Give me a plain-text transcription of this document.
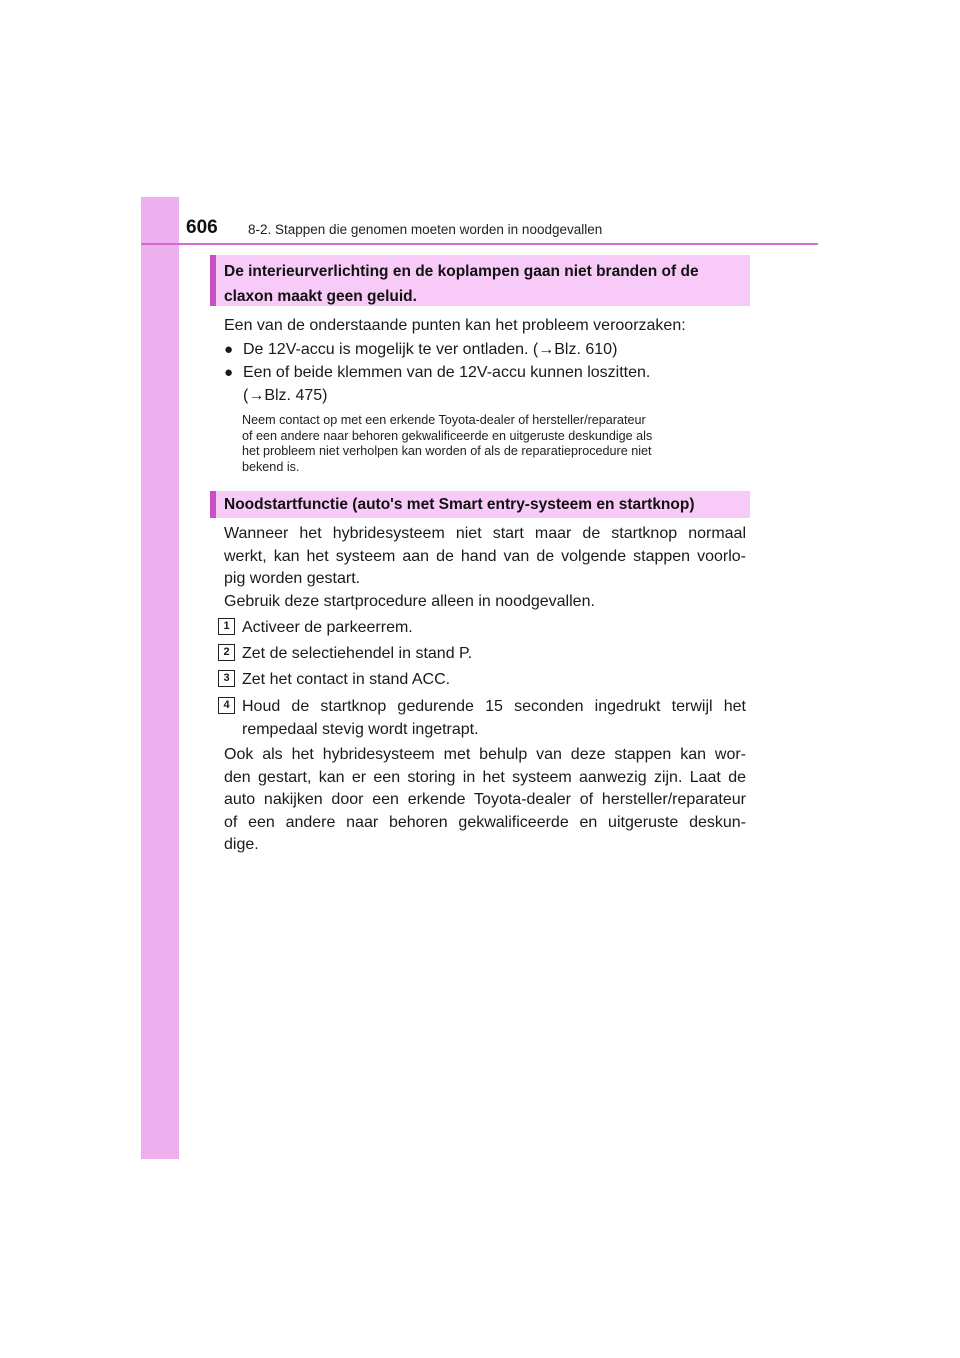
606 8-2. Stappen die genomen moeten worden in noodgevallen
De interieurverlichting en de koplampen gaan niet branden of de
claxon maakt geen geluid.
Een van de onderstaande punten kan het probleem veroorzaken:
● De 12V-accu is mogelijk te ver ontladen. (→Blz. 610)
● Een of beide klemmen van de 12V-accu kunnen loszitten.
(→Blz. 475)
Neem contact op met een erkende Toyota-dealer of hersteller/reparateur
of een andere naar behoren gekwalificeerde en uitgeruste deskundige als
het probleem niet verholpen kan worden of als de reparatieprocedure niet
bekend is.
Noodstartfunctie (auto's met Smart entry-systeem en startknop)
Wanneer het hybridesysteem niet start maar de startknop normaal
werkt, kan het systeem aan de hand van de volgende stappen voorlo-
pig worden gestart.
Gebruik deze startprocedure alleen in noodgevallen.
1 Activeer de parkeerrem.
2 Zet de selectiehendel in stand P.
3 Zet het contact in stand ACC.
4 Houd de startknop gedurende 15 seconden ingedrukt terwijl het
rempedaal stevig wordt ingetrapt.
Ook als het hybridesysteem met behulp van deze stappen kan wor-
den gestart, kan er een storing in het systeem aanwezig zijn. Laat de
auto nakijken door een erkende Toyota-dealer of hersteller/reparateur
of een andere naar behoren gekwalificeerde en uitgeruste deskun-
dige.
